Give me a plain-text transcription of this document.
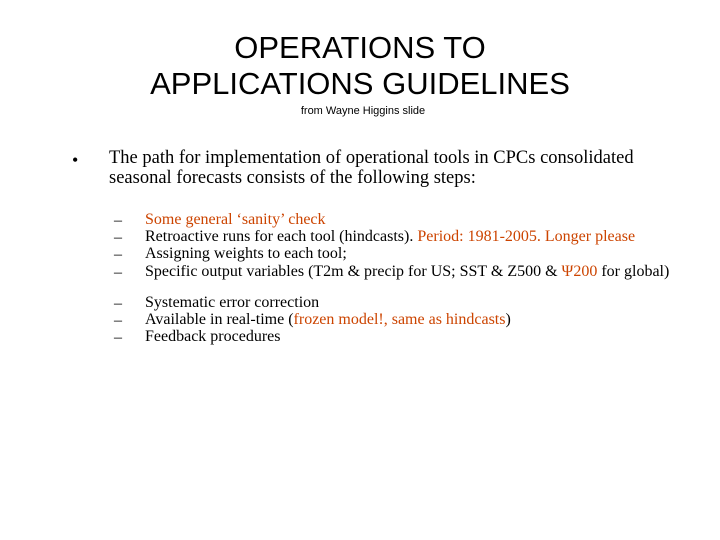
OPERATIONS TO
APPLICATIONS GUIDELINES
from Wayne Higgins slide
• The path for implementation of operational tools in CPCs consolidated seasonal forecasts consists of the following steps:
– Some general ‘sanity’ check
– Retroactive runs for each tool (hindcasts). Period: 1981-2005. Longer please
– Assigning weights to each tool;
– Specific output variables (T2m & precip for US; SST & Z500 & Ψ200 for global)
– Systematic error correction
– Available in real-time (frozen model!, same as hindcasts)
– Feedback procedures
